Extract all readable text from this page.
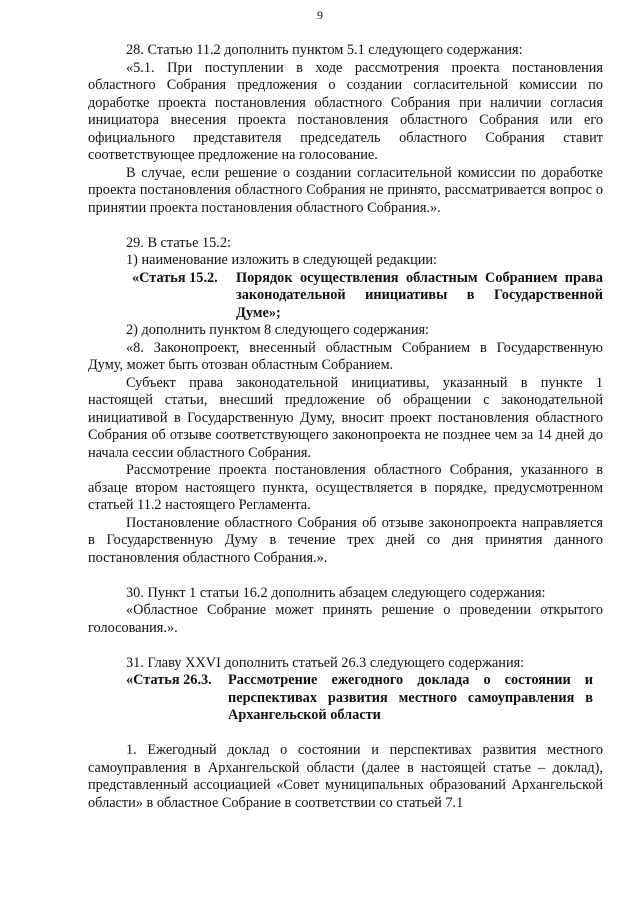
9

28. Статью 11.2 дополнить пунктом 5.1 следующего содержания:

«5.1. При поступлении в ходе рассмотрения проекта постановления областного Собрания предложения о создании согласительной комиссии по доработке проекта постановления областного Собрания при наличии согласия инициатора внесения проекта постановления областного Собрания или его официального представителя председатель областного Собрания ставит соответствующее предложение на голосование.

В случае, если решение о создании согласительной комиссии по доработке проекта постановления областного Собрания не принято, рассматривается вопрос о принятии проекта постановления областного Собрания.».

29. В статье 15.2:

1) наименование изложить в следующей редакции:

«Статья 15.2.	Порядок осуществления областным Собранием права законодательной инициативы в Государственной Думе»;

2) дополнить пунктом 8 следующего содержания:

«8. Законопроект, внесенный областным Собранием в Государственную Думу, может быть отозван областным Собранием.

Субъект права законодательной инициативы, указанный в пункте 1 настоящей статьи, внесший предложение об обращении с законодательной инициативой в Государственную Думу, вносит проект постановления областного Собрания об отзыве соответствующего законопроекта не позднее чем за 14 дней до начала сессии областного Собрания.

Рассмотрение проекта постановления областного Собрания, указанного в абзаце втором настоящего пункта, осуществляется в порядке, предусмотренном статьей 11.2 настоящего Регламента.

Постановление областного Собрания об отзыве законопроекта направляется в Государственную Думу в течение трех дней со дня принятия данного постановления областного Собрания.».

30. Пункт 1 статьи 16.2 дополнить абзацем следующего содержания:

«Областное Собрание может принять решение о проведении открытого голосования.».

31. Главу XXVI дополнить статьей 26.3 следующего содержания:

«Статья 26.3.	Рассмотрение ежегодного доклада о состоянии и перспективах развития местного самоуправления в Архангельской области

1. Ежегодный доклад о состоянии и перспективах развития местного самоуправления в Архангельской области (далее в настоящей статье – доклад), представленный ассоциацией «Совет муниципальных образований Архангельской области» в областное Собрание в соответствии со статьей 7.1
